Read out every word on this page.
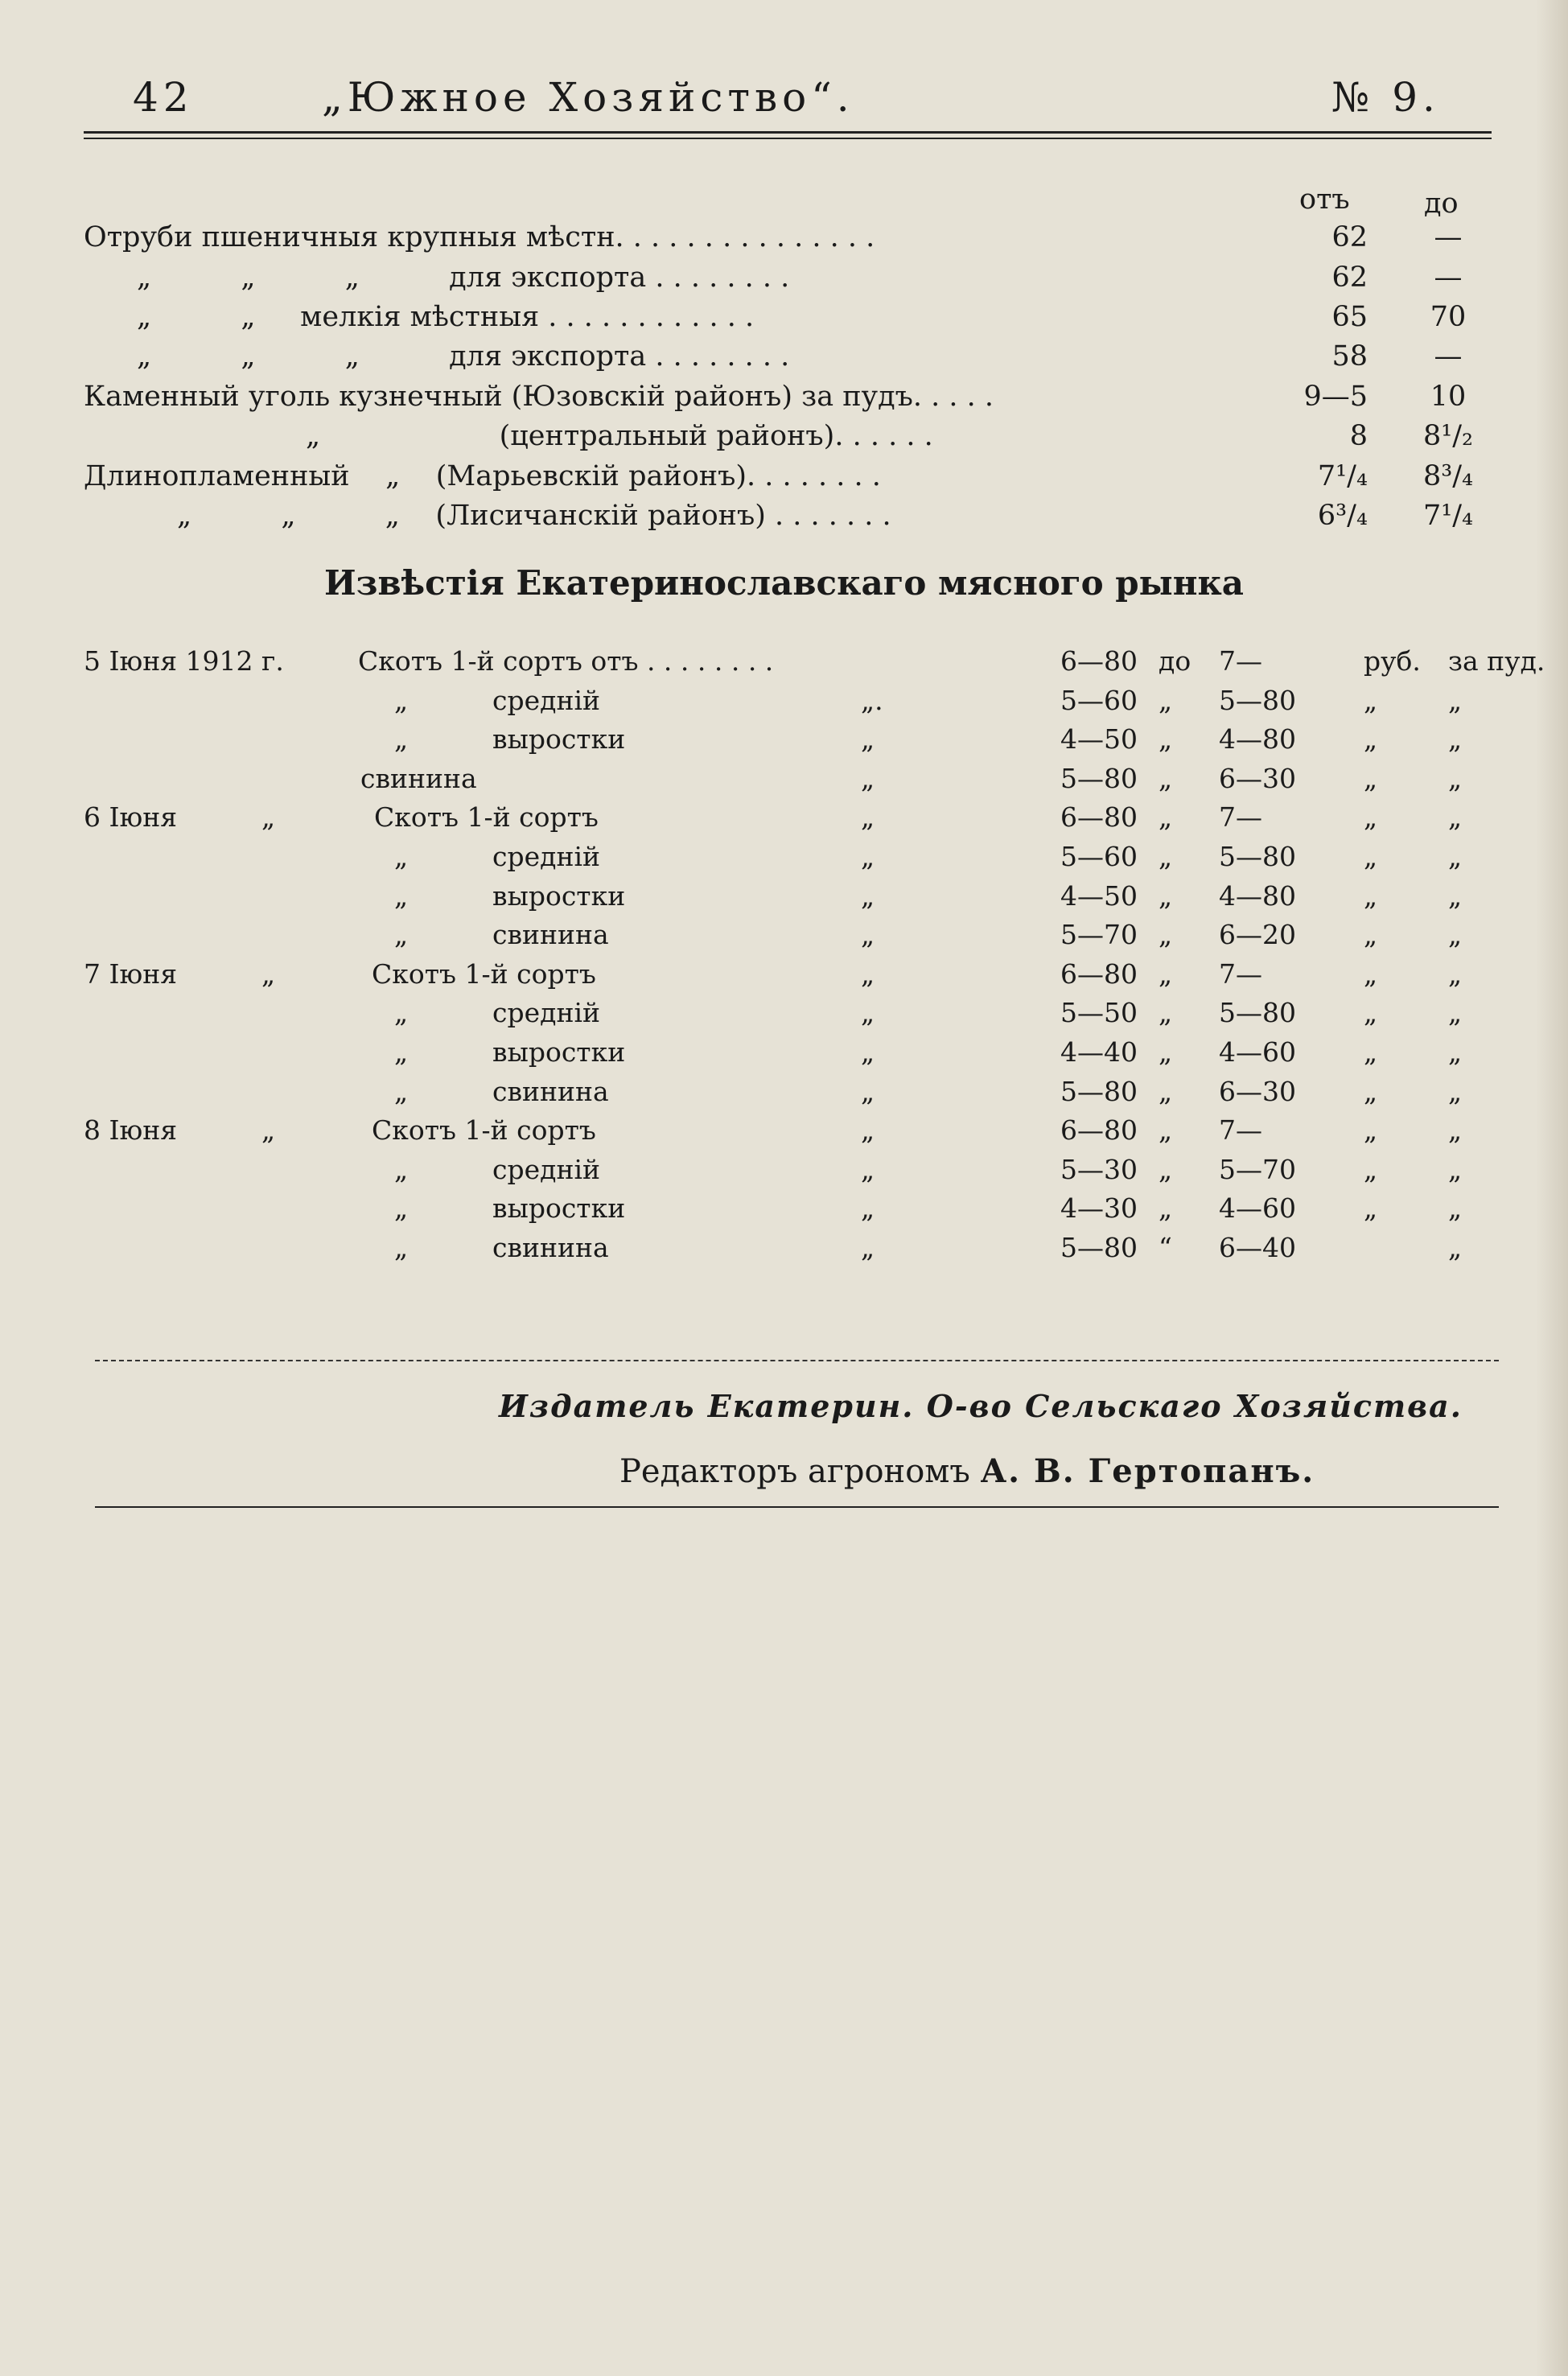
42	„Южное Хозяйство“.	№ 9.
отъ	до
Отруби пшеничныя крупныя мѣстн. . . . . . . . . . . . . . .	62	—
„          „          „          для экспорта . . . . . . . .	62	—
„          „     мелкія мѣстныя . . . . . . . . . . . .	65	70
„          „          „          для экспорта . . . . . . . .	58	—
Каменный уголь кузнечный (Юзовскій районъ) за пудъ. . . . .	9—5	10
„                    (центральный районъ). . . . . .	8	8¹/₂
Длинопламенный    „    (Марьевскій районъ). . . . . . . .	7¹/₄	8³/₄
„          „          „    (Лисичанскій районъ) . . . . . . .	6³/₄	7¹/₄
Извѣстія Екатеринославскаго мясного рынка
5 Іюня 1912 г.	Скотъ 1-й сортъ отъ . . . . . . . .	6—80 до 7—	руб. за пуд.
„          средній	„.	5—60 „ 5—80	„	„
„          выростки	„	4—50 „ 4—80	„	„
свинина	„	5—80 „ 6—30	„	„
6 Іюня          „	Скотъ 1-й сортъ	„	6—80 „ 7—	„	„
„          средній	„	5—60 „ 5—80	„	„
„          выростки	„	4—50 „ 4—80	„	„
„          свинина	„	5—70 „ 6—20	„	„
7 Іюня          „	Скотъ 1-й сортъ	„	6—80 „ 7—	„	„
„          средній	„	5—50 „ 5—80	„	„
„          выростки	„	4—40 „ 4—60	„	„
„          свинина	„	5—80 „ 6—30	„	„
8 Іюня          „	Скотъ 1-й сортъ	„	6—80 „ 7—	„	„
„          средній	„	5—30 „ 5—70	„	„
„          выростки	„	4—30 „ 4—60	„	„
„          свинина	„	5—80 “ 6—40	„
Издатель Екатерин. О-во Сельскаго Хозяйства.
Редакторъ агрономъ А. В. Гертопанъ.
